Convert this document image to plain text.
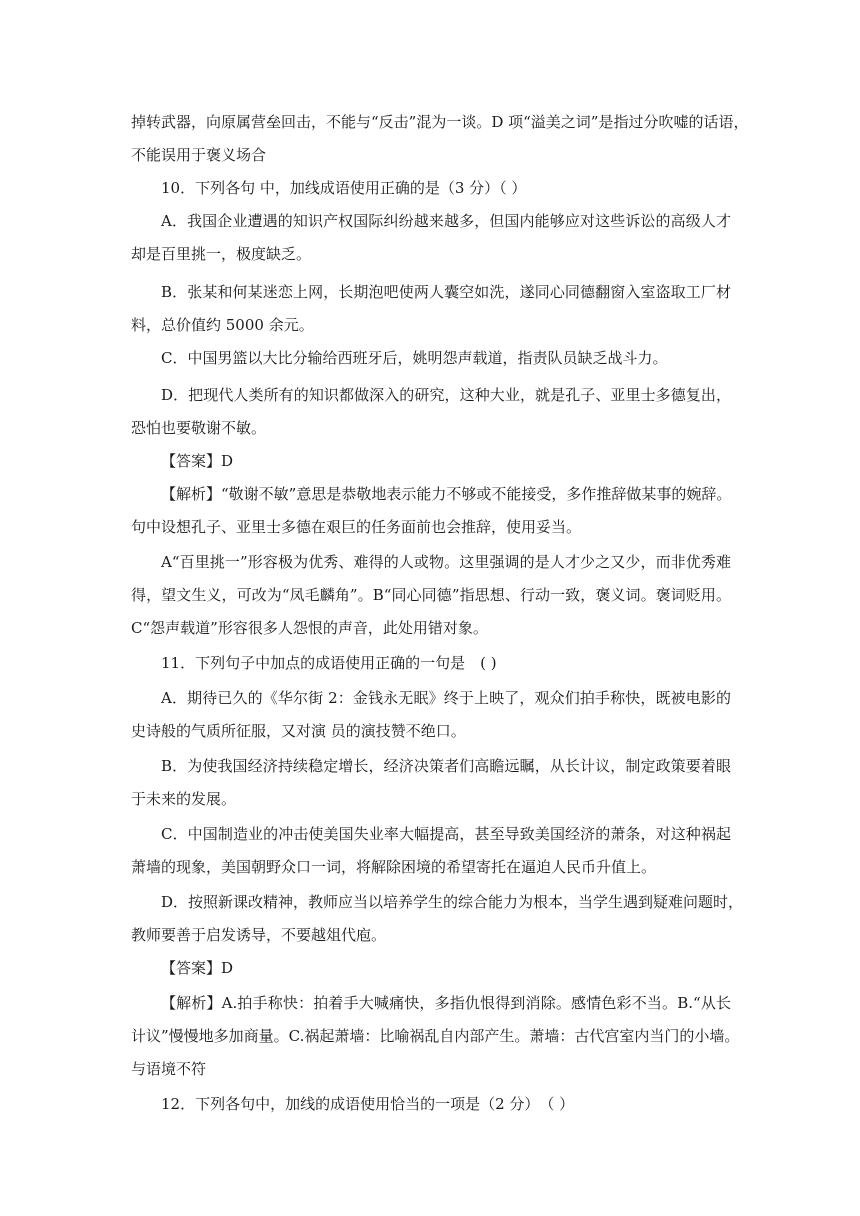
掉转武器，向原属营垒回击，不能与“反击”混为一谈。D 项“溢美之词”是指过分吹嘘的话语，
不能误用于褒义场合
10．下列各句 中，加线成语使用正确的是（3 分）（ ）
A．我国企业遭遇的知识产权国际纠纷越来越多，但国内能够应对这些诉讼的高级人才
却是百里挑一，极度缺乏。
B．张某和何某迷恋上网，长期泡吧使两人囊空如洗，遂同心同德翻窗入室盗取工厂材
料，总价值约 5000 余元。
C．中国男篮以大比分输给西班牙后，姚明怨声载道，指责队员缺乏战斗力。
D．把现代人类所有的知识都做深入的研究，这种大业，就是孔子、亚里士多德复出，
恐怕也要敬谢不敏。
【答案】D
【解析】“敬谢不敏”意思是恭敬地表示能力不够或不能接受，多作推辞做某事的婉辞。
句中设想孔子、亚里士多德在艰巨的任务面前也会推辞，使用妥当。
A“百里挑一”形容极为优秀、难得的人或物。这里强调的是人才少之又少，而非优秀难
得，望文生义，可改为“凤毛麟角”。B“同心同德”指思想、行动一致，褒义词。褒词贬用。
C“怨声载道”形容很多人怨恨的声音，此处用错对象。
11．下列句子中加点的成语使用正确的一句是　( )
A．期待已久的《华尔街 2：金钱永无眠》终于上映了，观众们拍手称快，既被电影的
史诗般的气质所征服，又对演 员的演技赞不绝口。
B．为使我国经济持续稳定增长，经济决策者们高瞻远瞩，从长计议，制定政策要着眼
于未来的发展。
C．中国制造业的冲击使美国失业率大幅提高，甚至导致美国经济的萧条，对这种祸起
萧墙的现象，美国朝野众口一词，将解除困境的希望寄托在逼迫人民币升值上。
D．按照新课改精神，教师应当以培养学生的综合能力为根本，当学生遇到疑难问题时，
教师要善于启发诱导，不要越俎代庖。
【答案】D
【解析】A.拍手称快：拍着手大喊痛快，多指仇恨得到消除。感情色彩不当。B.“从长
计议”慢慢地多加商量。C.祸起萧墙：比喻祸乱自内部产生。萧墙：古代宫室内当门的小墙。
与语境不符
12．下列各句中，加线的成语使用恰当的一项是（2 分）　（ ）
